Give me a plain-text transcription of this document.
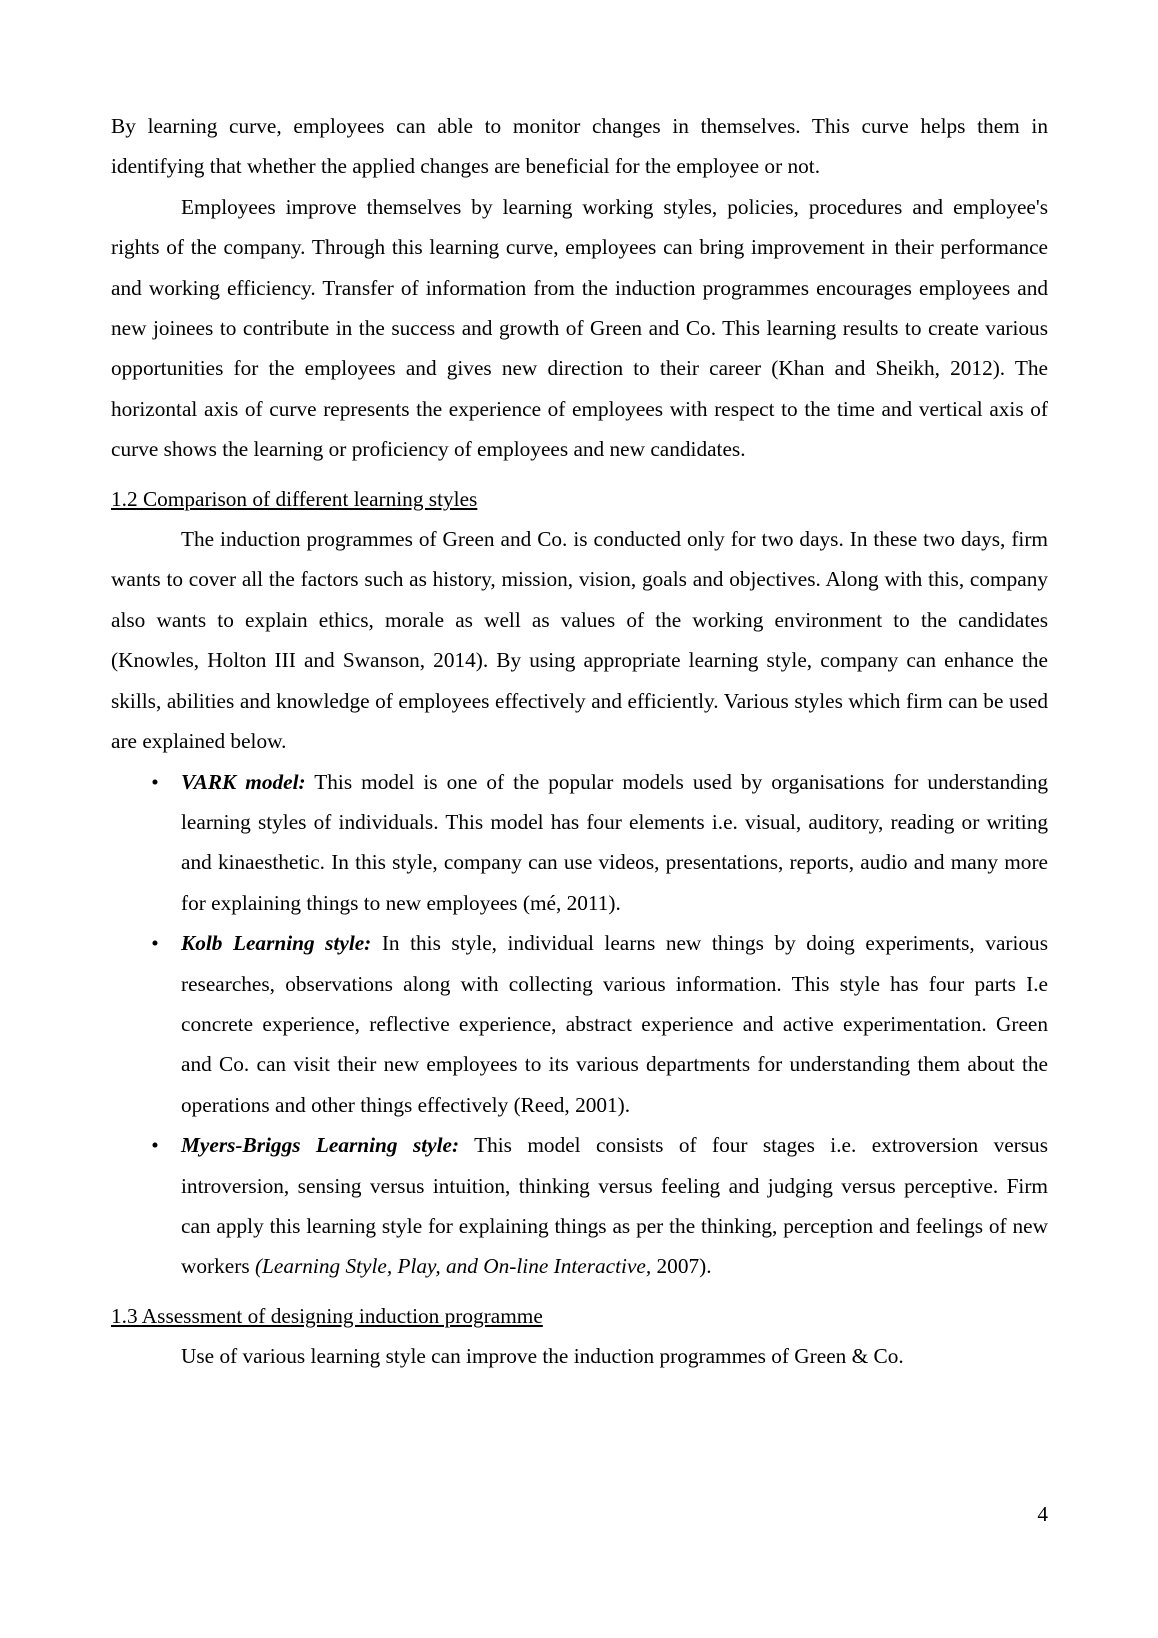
By learning curve, employees can able to monitor changes in themselves. This curve helps them in identifying that whether the applied changes are beneficial for the employee or not.

Employees improve themselves by learning working styles, policies, procedures and employee's rights of the company. Through this learning curve, employees can bring improvement in their performance and working efficiency. Transfer of information from the induction programmes encourages employees and new joinees to contribute in the success and growth of Green and Co. This learning results to create various opportunities for the employees and gives new direction to their career (Khan and Sheikh, 2012). The horizontal axis of curve represents the experience of employees with respect to the time and vertical axis of curve shows the learning or proficiency of employees and new candidates.

1.2 Comparison of different learning styles

The induction programmes of Green and Co. is conducted only for two days. In these two days, firm wants to cover all the factors such as history, mission, vision, goals and objectives. Along with this, company also wants to explain ethics, morale as well as values of the working environment to the candidates (Knowles, Holton III and Swanson, 2014). By using appropriate learning style, company can enhance the skills, abilities and knowledge of employees effectively and efficiently. Various styles which firm can be used are explained below.

• VARK model: This model is one of the popular models used by organisations for understanding learning styles of individuals. This model has four elements i.e. visual, auditory, reading or writing and kinaesthetic. In this style, company can use videos, presentations, reports, audio and many more for explaining things to new employees (mé, 2011).
• Kolb Learning style: In this style, individual learns new things by doing experiments, various researches, observations along with collecting various information. This style has four parts I.e concrete experience, reflective experience, abstract experience and active experimentation. Green and Co. can visit their new employees to its various departments for understanding them about the operations and other things effectively (Reed, 2001).
• Myers-Briggs Learning style: This model consists of four stages i.e. extroversion versus introversion, sensing versus intuition, thinking versus feeling and judging versus perceptive. Firm can apply this learning style for explaining things as per the thinking, perception and feelings of new workers (Learning Style, Play, and On-line Interactive, 2007).

1.3 Assessment of designing induction programme

Use of various learning style can improve the induction programmes of Green & Co.

4
